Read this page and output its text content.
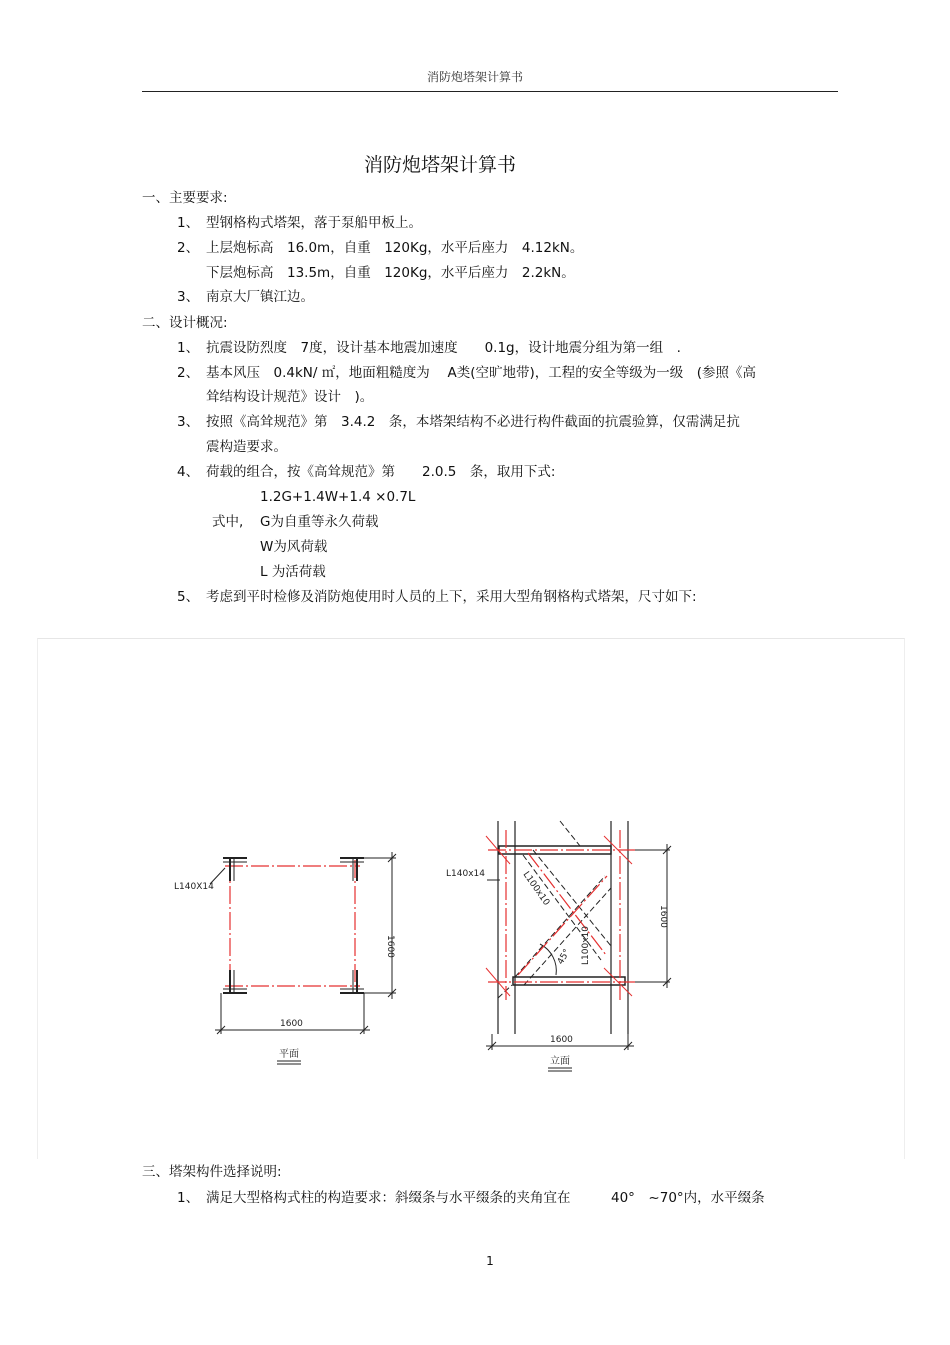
消防炮塔架计算书
消防炮塔架计算书
一、主要要求:
1、 型钢格构式塔架，落于泵船甲板上。
2、 上层炮标高　16.0m，自重　120Kg，水平后座力　4.12kN。
下层炮标高　13.5m，自重　120Kg，水平后座力　2.2kN。
3、 南京大厂镇江边。
二、设计概况:
1、 抗震设防烈度　7度，设计基本地震加速度　　0.1g，设计地震分组为第一组　.
2、 基本风压　0.4kN/ ㎡，地面粗糙度为　 A类(空旷地带)，工程的安全等级为一级　(参照《高
耸结构设计规范》设计　)。
3、 按照《高耸规范》第　3.4.2　条，本塔架结构不必进行构件截面的抗震验算，仅需满足抗
震构造要求。
4、 荷载的组合，按《高耸规范》第　　2.0.5　条，取用下式:
1.2G+1.4W+1.4 ×0.7L
式中, G为自重等永久荷载
W为风荷载
L 为活荷载
5、 考虑到平时检修及消防炮使用时人员的上下，采用大型角钢格构式塔架，尺寸如下:
L140X14
1600
1600
平面
L140x14	L100x10
L100x10
45°
1600
1600
立面
三、塔架构件选择说明:
1、 满足大型格构式柱的构造要求：斜缀条与水平缀条的夹角宜在　　　40°　~70°内，水平缀条
1
